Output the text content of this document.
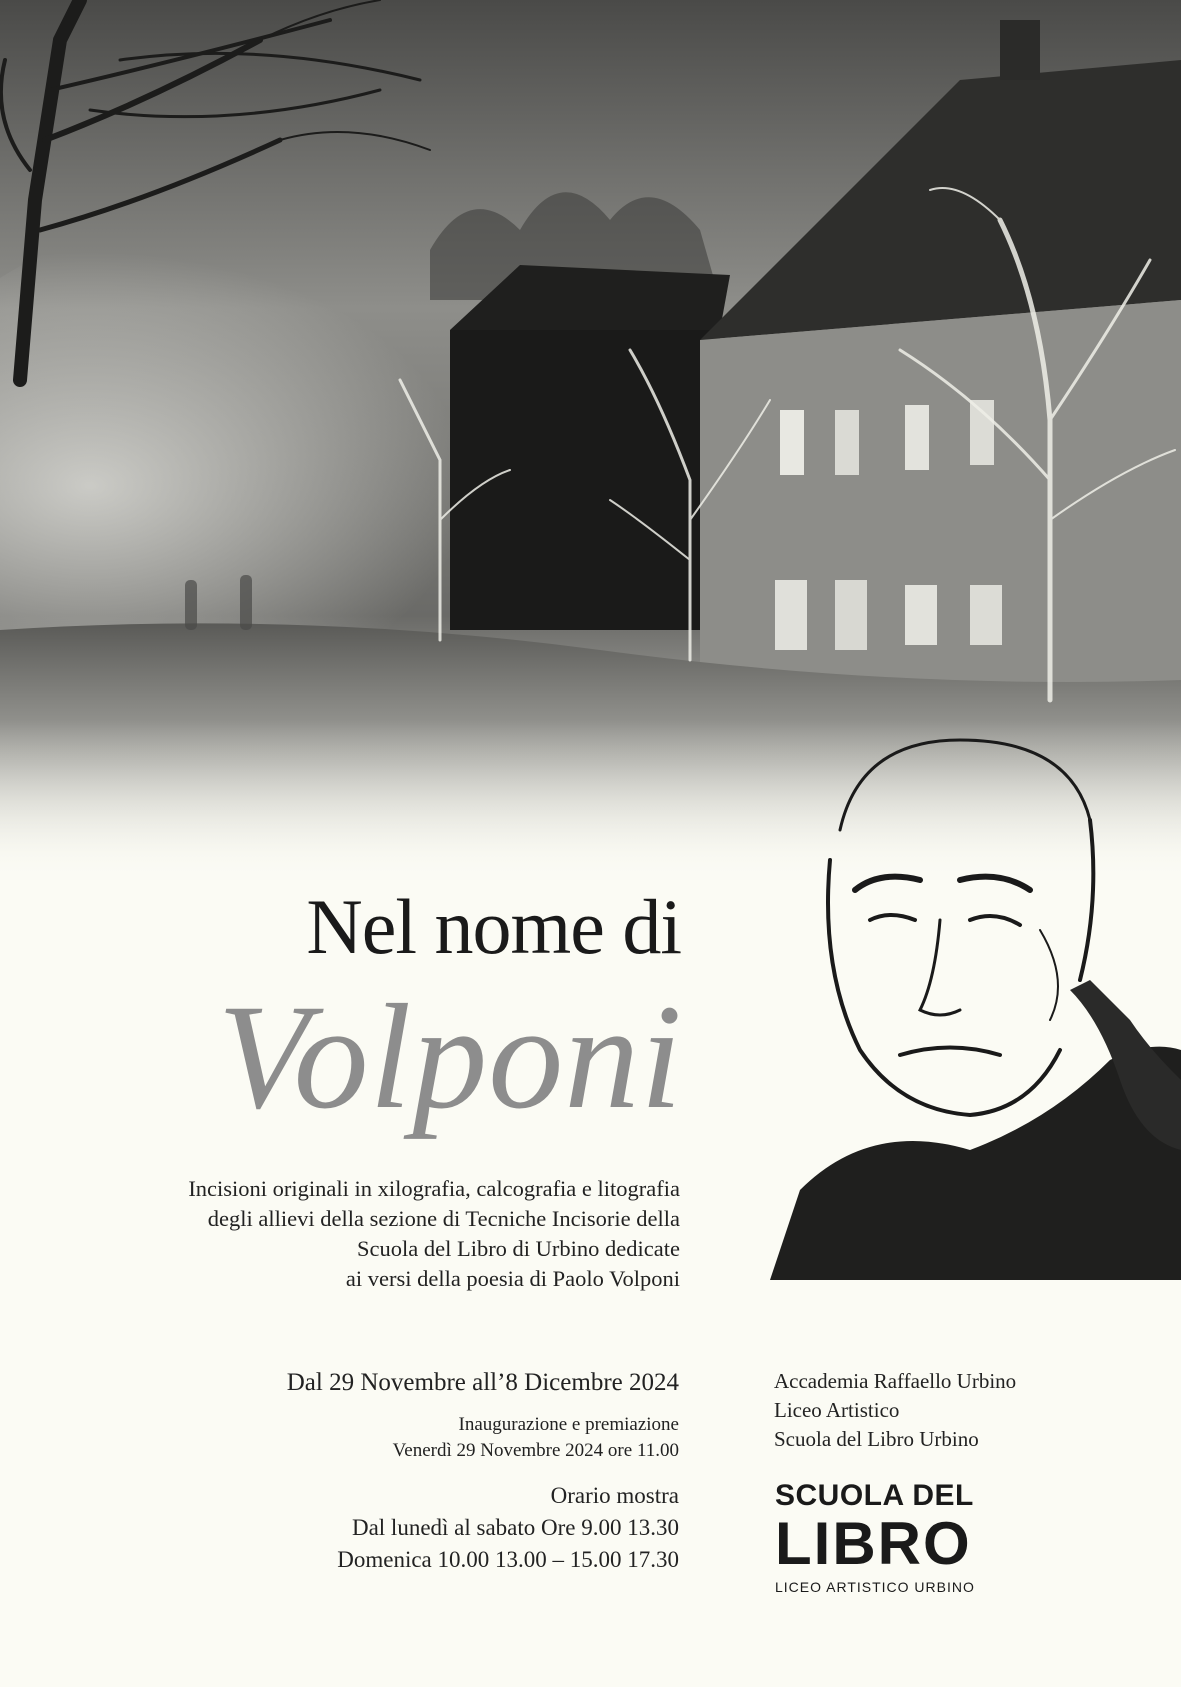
Nel nome di
Volponi
Incisioni originali in xilografia, calcografia e litografia
degli allievi della sezione di Tecniche Incisorie della
Scuola del Libro di Urbino dedicate
ai versi della poesia di Paolo Volponi
Dal 29 Novembre all’8 Dicembre 2024
Inaugurazione e premiazione
Venerdì 29 Novembre 2024 ore 11.00
Orario mostra
Dal lunedì al sabato Ore 9.00 13.30
Domenica 10.00 13.00 – 15.00 17.30
Accademia Raffaello Urbino
Liceo Artistico
Scuola del Libro Urbino
SCUOLA DEL
LIBRO
LICEO ARTISTICO URBINO
